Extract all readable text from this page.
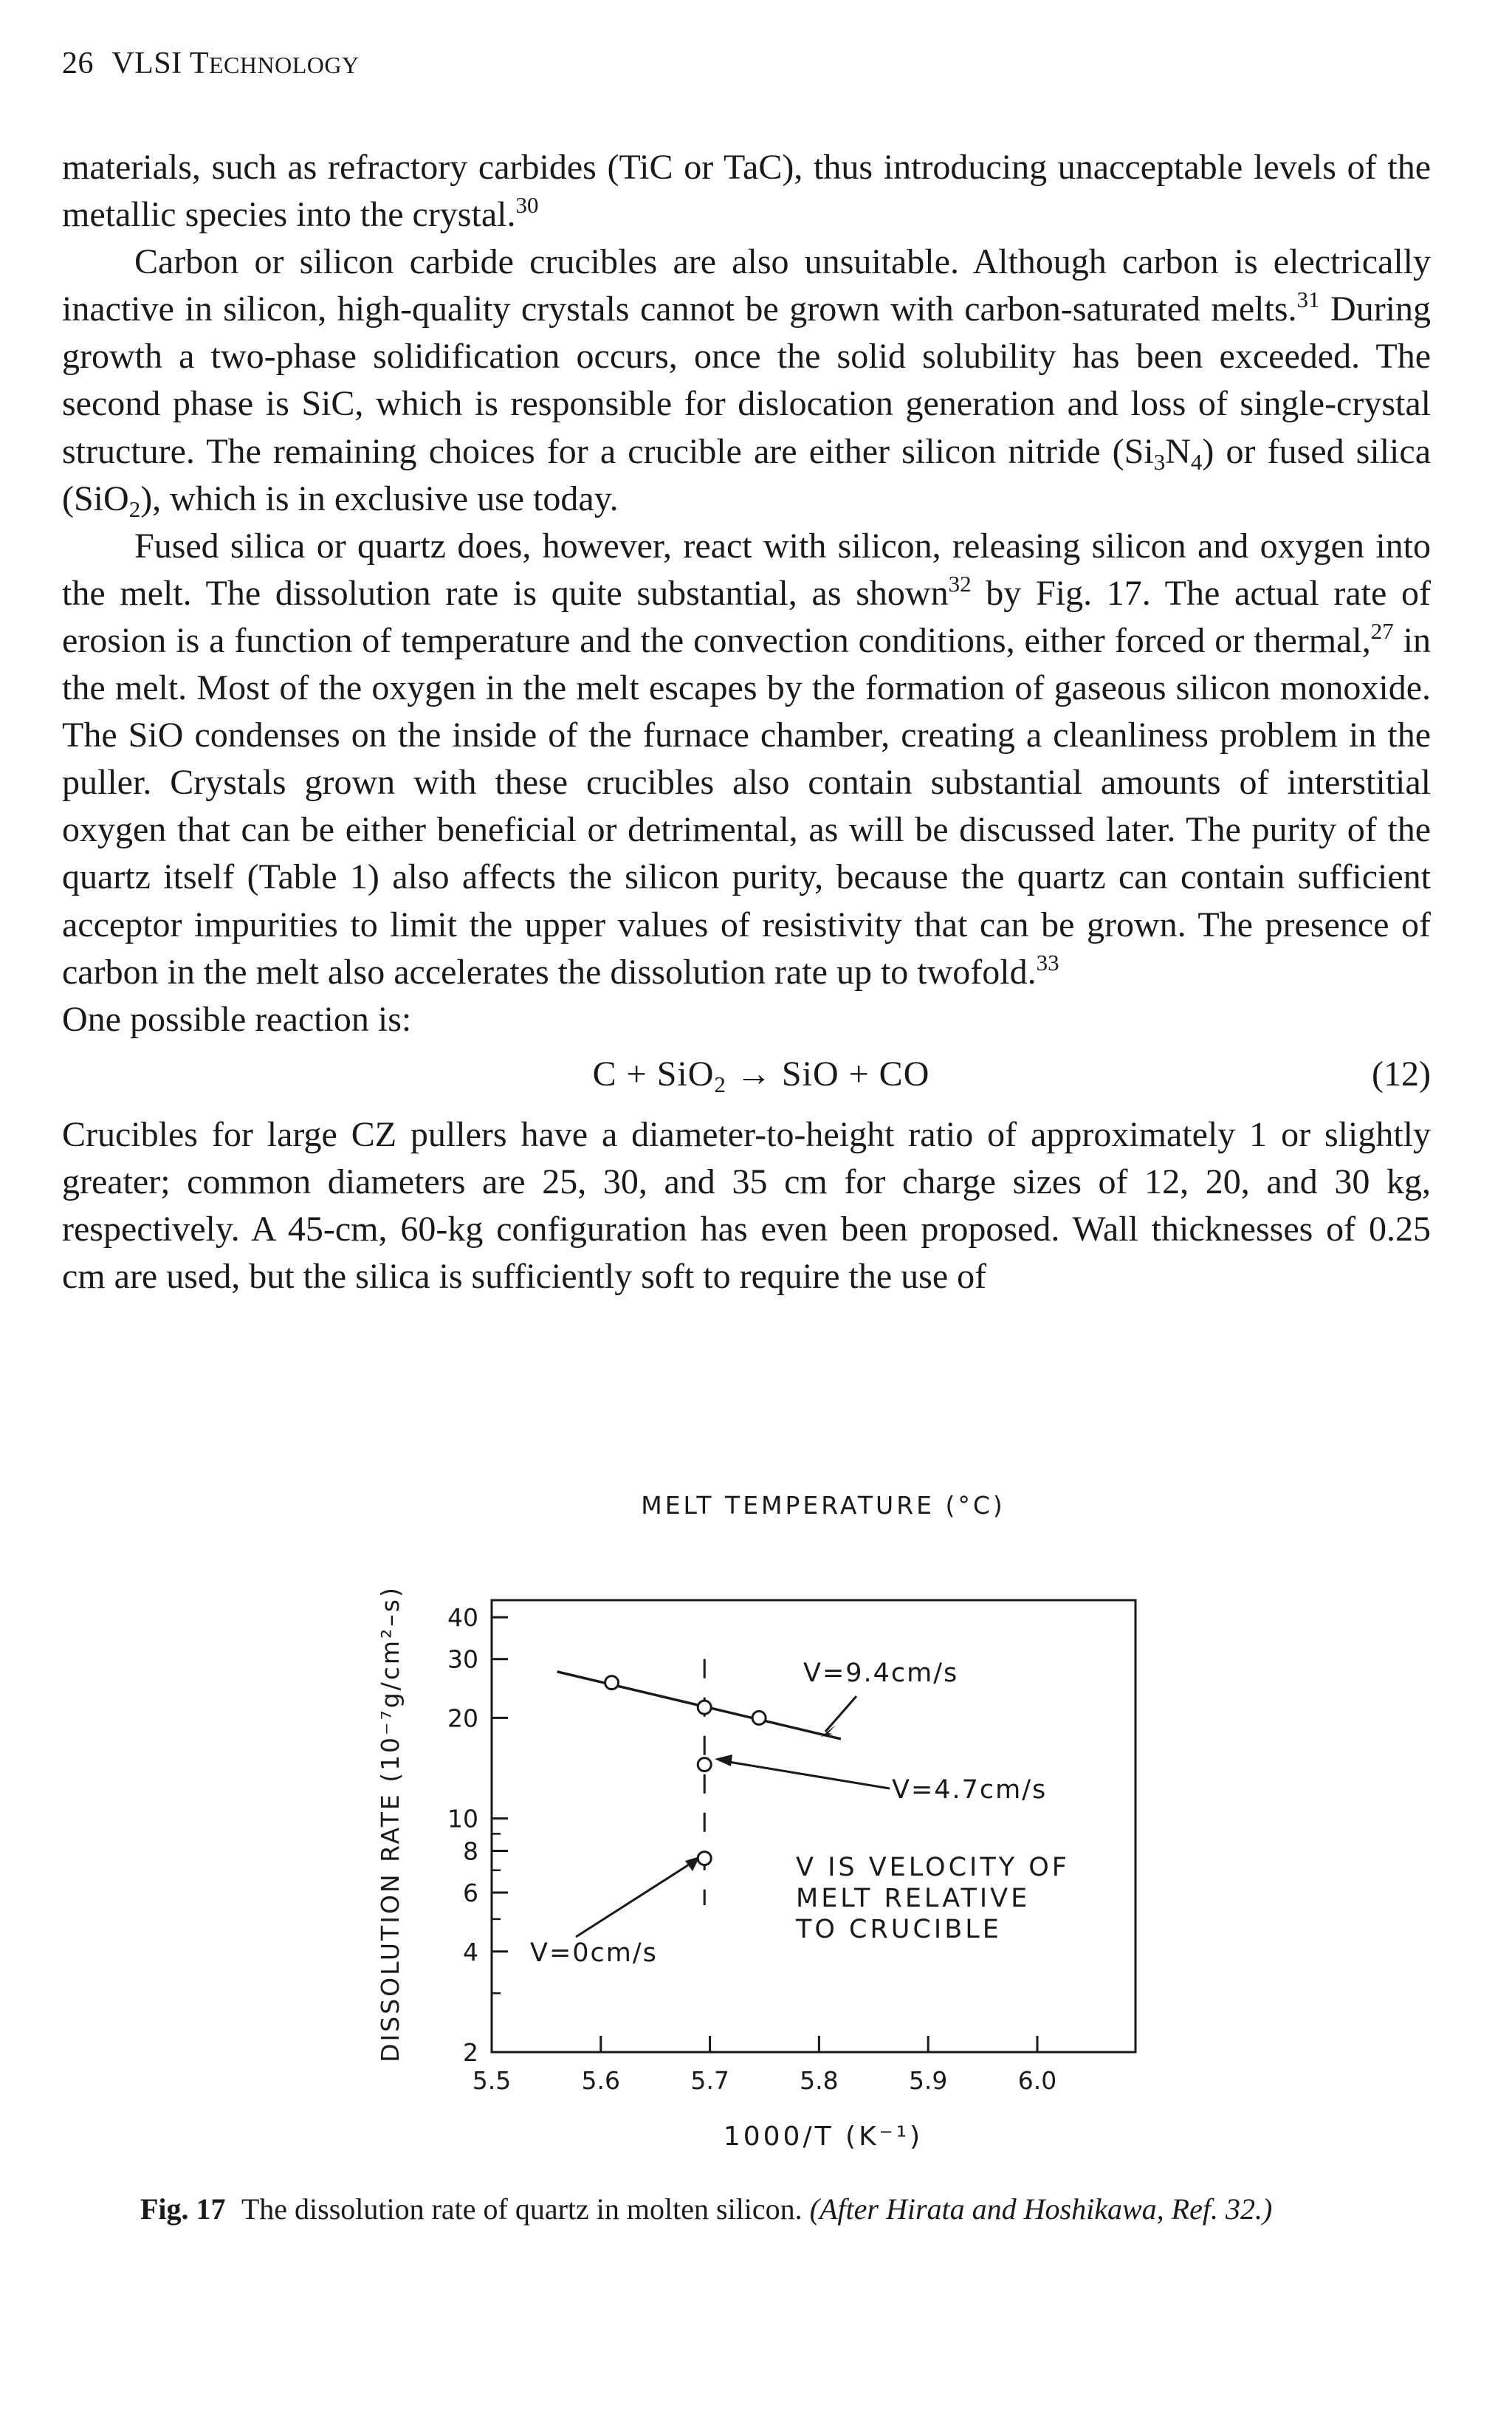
26 VLSI TECHNOLOGY

materials, such as refractory carbides (TiC or TaC), thus introducing unacceptable levels of the metallic species into the crystal.$^{30}$

Carbon or silicon carbide crucibles are also unsuitable. Although carbon is electrically inactive in silicon, high-quality crystals cannot be grown with carbon-saturated melts.$^{31}$ During growth a two-phase solidification occurs, once the solid solubility has been exceeded. The second phase is SiC, which is responsible for dislocation generation and loss of single-crystal structure. The remaining choices for a crucible are either silicon nitride $(Si_3N_4)$ or fused silica (SiO$_2$), which is in exclusive use today.

Fused silica or quartz does, however, react with silicon, releasing silicon and oxygen into the melt. The dissolution rate is quite substantial, as shown$^{32}$ by Fig. 17. The actual rate of erosion is a function of temperature and the convection conditions, either forced or thermal,$^{27}$ in the melt. Most of the oxygen in the melt escapes by the formation of gaseous silicon monoxide. The SiO condenses on the inside of the furnace chamber, creating a cleanliness problem in the puller. Crystals grown with these crucibles also contain substantial amounts of interstitial oxygen that can be either beneficial or detrimental, as will be discussed later. The purity of the quartz itself (Table 1) also affects the silicon purity, because the quartz can contain sufficient acceptor impurities to limit the upper values of resistivity that can be grown. The presence of carbon in the melt also accelerates the dissolution rate up to twofold.$^{33}$
One possible reaction is:

C + SiO$_2$ → SiO + CO	(12)

Crucibles for large CZ pullers have a diameter-to-height ratio of approximately 1 or slightly greater; common diameters are 25, 30, and 35 cm for charge sizes of 12, 20, and 30 kg, respectively. A 45-cm, 60-kg configuration has even been proposed. Wall thicknesses of 0.25 cm are used, but the silica is sufficiently soft to require the use of

MELT TEMPERATURE (°C)
2
4
6
8
10
20
30
40
5.5	5.6	5.7	5.8	5.9	6.0
V=9.4cm/s
V=4.7cm/s
V=0cm/s
V IS VELOCITY OF MELT RELATIVE TO CRUCIBLE
1000/T (K⁻¹)
DISSOLUTION RATE (10⁻⁷g/cm²–s)
Fig. 17 The dissolution rate of quartz in molten silicon. (After Hirata and Hoshikawa, Ref. 32.)
